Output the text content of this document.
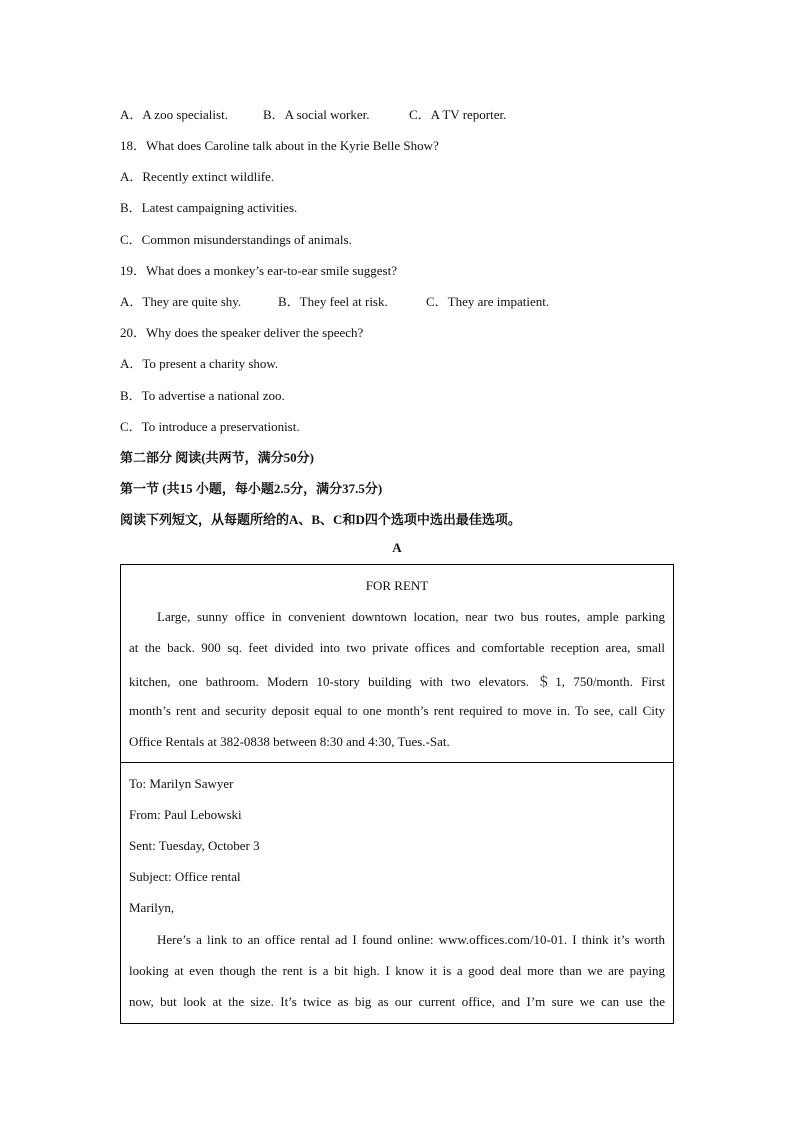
A．A zoo specialist.	B．A social worker.	C．A TV reporter.
18．What does Caroline talk about in the Kyrie Belle Show?
A．Recently extinct wildlife.
B．Latest campaigning activities.
C．Common misunderstandings of animals.
19．What does a monkey’s ear-to-ear smile suggest?
A．They are quite shy.	B．They feel at risk.	C．They are impatient.
20．Why does the speaker deliver the speech?
A．To present a charity show.
B．To advertise a national zoo.
C．To introduce a preservationist.
第二部分 阅读(共两节，满分50分)
第一节 (共15 小题，每小题2.5分，满分37.5分)
阅读下列短文，从每题所给的A、B、C和D四个选项中选出最佳选项。
A
FOR RENT
Large, sunny office in convenient downtown location, near two bus routes, ample parking
at the back. 900 sq. feet divided into two private offices and comfortable reception area, small
kitchen, one bathroom. Modern 10-story building with two elevators. ＄1, 750/month. First
month’s rent and security deposit equal to one month’s rent required to move in. To see, call City
Office Rentals at 382-0838 between 8:30 and 4:30, Tues.-Sat.
To: Marilyn Sawyer
From: Paul Lebowski
Sent: Tuesday, October 3
Subject: Office rental
Marilyn,
Here’s a link to an office rental ad I found online: www.offices.com/10-01. I think it’s worth
looking at even though the rent is a bit high. I know it is a good deal more than we are paying
now, but look at the size. It’s twice as big as our current office, and I’m sure we can use the
